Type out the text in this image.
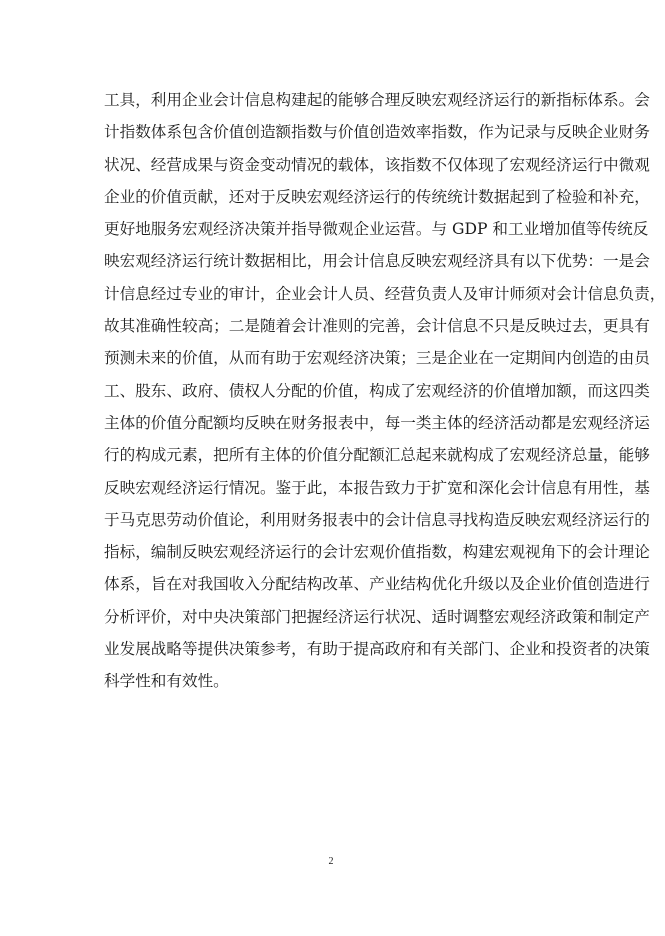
工具，利用企业会计信息构建起的能够合理反映宏观经济运行的新指标体系。会
计指数体系包含价值创造额指数与价值创造效率指数，作为记录与反映企业财务
状况、经营成果与资金变动情况的载体，该指数不仅体现了宏观经济运行中微观
企业的价值贡献，还对于反映宏观经济运行的传统统计数据起到了检验和补充，
更好地服务宏观经济决策并指导微观企业运营。与 GDP 和工业增加值等传统反
映宏观经济运行统计数据相比，用会计信息反映宏观经济具有以下优势：一是会
计信息经过专业的审计，企业会计人员、经营负责人及审计师须对会计信息负责，
故其准确性较高；二是随着会计准则的完善，会计信息不只是反映过去，更具有
预测未来的价值，从而有助于宏观经济决策；三是企业在一定期间内创造的由员
工、股东、政府、债权人分配的价值，构成了宏观经济的价值增加额，而这四类
主体的价值分配额均反映在财务报表中，每一类主体的经济活动都是宏观经济运
行的构成元素，把所有主体的价值分配额汇总起来就构成了宏观经济总量，能够
反映宏观经济运行情况。鉴于此，本报告致力于扩宽和深化会计信息有用性，基
于马克思劳动价值论，利用财务报表中的会计信息寻找构造反映宏观经济运行的
指标，编制反映宏观经济运行的会计宏观价值指数，构建宏观视角下的会计理论
体系，旨在对我国收入分配结构改革、产业结构优化升级以及企业价值创造进行
分析评价，对中央决策部门把握经济运行状况、适时调整宏观经济政策和制定产
业发展战略等提供决策参考，有助于提高政府和有关部门、企业和投资者的决策
科学性和有效性。
2
